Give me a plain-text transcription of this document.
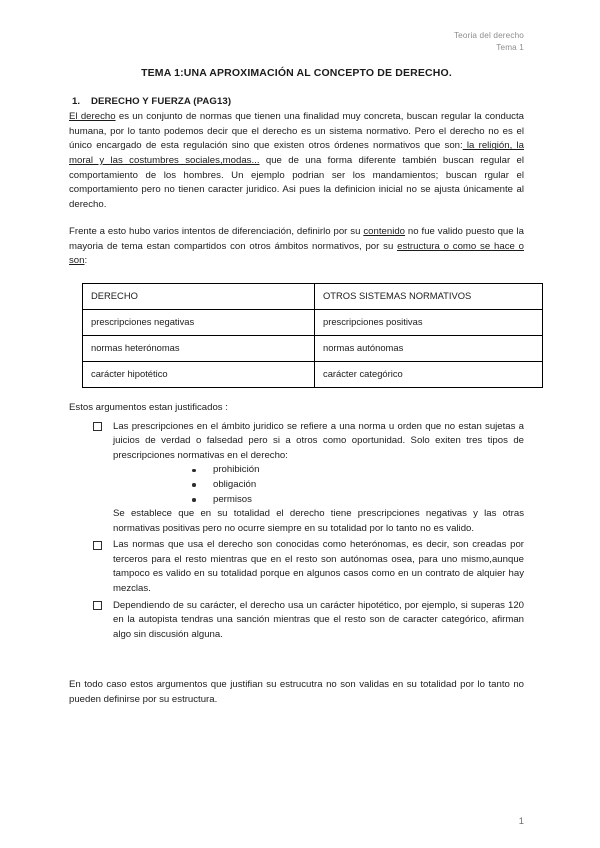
Teoria del derecho
Tema 1
TEMA 1:UNA APROXIMACIÓN AL CONCEPTO DE DERECHO.
1. DERECHO Y FUERZA (PAG13)

El derecho es un conjunto de normas que tienen una finalidad muy concreta, buscan regular la conducta humana, por lo tanto podemos decir que el derecho es un sistema normativo. Pero el derecho no es el único encargado de esta regulación sino que existen otros órdenes normativos que son: la religión, la moral y las costumbres sociales,modas... que de una forma diferente también buscan regular el comportamiento de los hombres. Un ejemplo podrian ser los mandamientos; buscan rgular el comportamiento pero no tienen caracter juridico. Asi pues la definicion inicial no se ajusta únicamente al derecho.

Frente a esto hubo varios intentos de diferenciación, definirlo por su contenido no fue valido puesto que la mayoria de tema estan compartidos con otros ámbitos normativos, por su estructura o como se hace o son:

DERECHO	OTROS SISTEMAS NORMATIVOS
prescripciones negativas	prescripciones positivas
normas heterónomas	normas autónomas
carácter hipotético	carácter categórico

Estos argumentos estan justificados :

Las prescripciones en el ámbito juridico se refiere a una norma u orden que no estan sujetas a juicios de verdad o falsedad pero si a otros como oportunidad. Solo exiten tres tipos de prescripciones normativas en el derecho:
prohibición
obligación
permisos
Se establece que en su totalidad el derecho tiene prescripciones negativas y las otras normativas positivas pero no ocurre siempre en su totalidad por lo tanto no es valido.
Las normas que usa el derecho son conocidas como heterónomas, es decir, son creadas por terceros para el resto mientras que en el resto son autónomas osea, para uno mismo,aunque tampoco es valido en su totalidad porque en algunos casos como en un contrato de alquier hay mezclas.
Dependiendo de su carácter, el derecho usa un carácter hipotético, por ejemplo, si superas 120 en la autopista tendras una sanción mientras que el resto son de caracter categórico, afirman algo sin discusión alguna.

En todo caso estos argumentos que justifian su estrucutra no son validas en su totalidad por lo tanto no pueden definirse por su estructura.

1
